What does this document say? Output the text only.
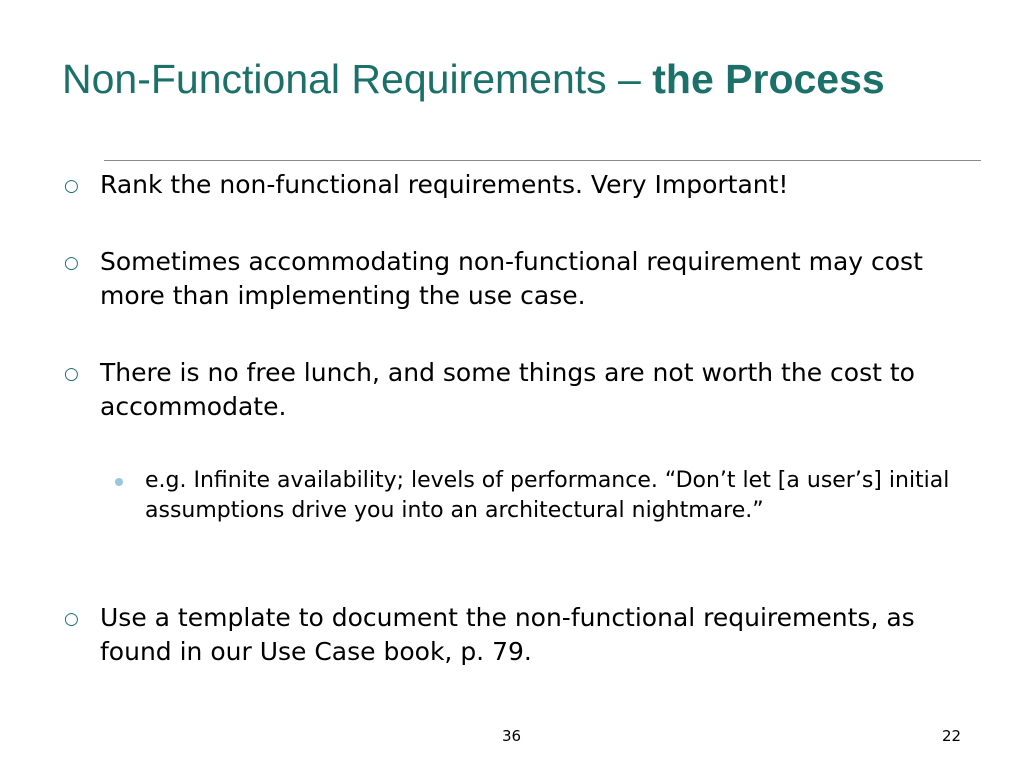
Non-Functional Requirements – the Process
○ Rank the non-functional requirements. Very Important!
○ Sometimes accommodating non-functional requirement may cost more than implementing the use case.
○ There is no free lunch, and some things are not worth the cost to accommodate.
e.g. Infinite availability; levels of performance. “Don’t let [a user’s] initial assumptions drive you into an architectural nightmare.”
○ Use a template to document the non-functional requirements, as found in our Use Case book, p. 79.
36	22
